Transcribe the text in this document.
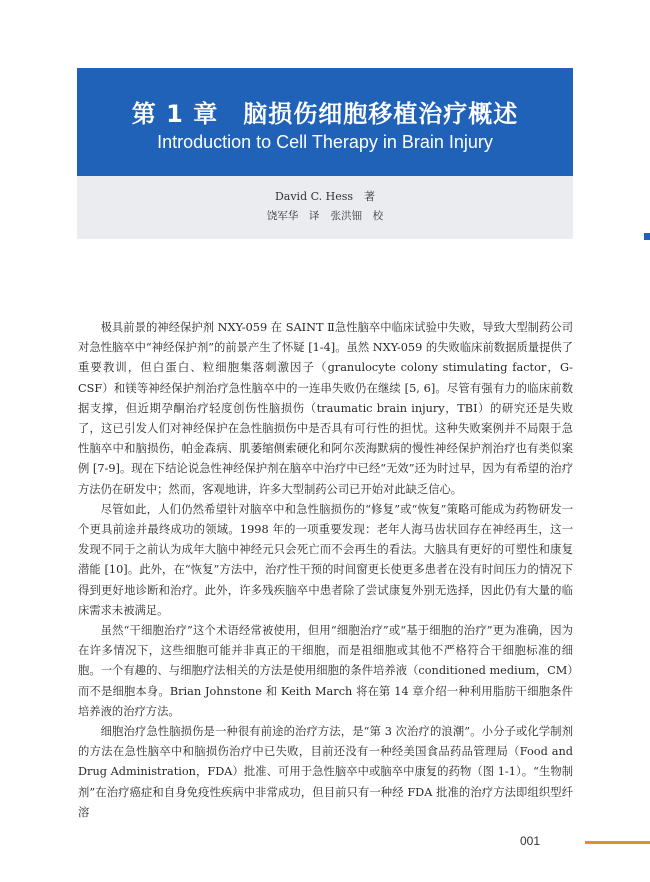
第 1 章　脑损伤细胞移植治疗概述
Introduction to Cell Therapy in Brain Injury
David C. Hess　著
饶军华　译 张洪钿　校

极具前景的神经保护剂 NXY-059 在 SAINT Ⅱ急性脑卒中临床试验中失败，导致大型制药公司对急性脑卒中“神经保护剂”的前景产生了怀疑 [1-4]。虽然 NXY-059 的失败临床前数据质量提供了重要教训，但白蛋白、粒细胞集落刺激因子（granulocyte colony stimulating factor，G-CSF）和镁等神经保护剂治疗急性脑卒中的一连串失败仍在继续 [5, 6]。尽管有强有力的临床前数据支撑，但近期孕酮治疗轻度创伤性脑损伤（traumatic brain injury，TBI）的研究还是失败了，这已引发人们对神经保护在急性脑损伤中是否具有可行性的担忧。这种失败案例并不局限于急性脑卒中和脑损伤，帕金森病、肌萎缩侧索硬化和阿尔茨海默病的慢性神经保护剂治疗也有类似案例 [7-9]。现在下结论说急性神经保护剂在脑卒中治疗中已经“无效”还为时过早，因为有希望的治疗方法仍在研发中；然而，客观地讲，许多大型制药公司已开始对此缺乏信心。

尽管如此，人们仍然希望针对脑卒中和急性脑损伤的“修复”或“恢复”策略可能成为药物研发一个更具前途并最终成功的领域。1998 年的一项重要发现：老年人海马齿状回存在神经再生，这一发现不同于之前认为成年大脑中神经元只会死亡而不会再生的看法。大脑具有更好的可塑性和康复潜能 [10]。此外，在“恢复”方法中，治疗性干预的时间窗更长使更多患者在没有时间压力的情况下得到更好地诊断和治疗。此外，许多残疾脑卒中患者除了尝试康复外别无选择，因此仍有大量的临床需求未被满足。

虽然“干细胞治疗”这个术语经常被使用，但用“细胞治疗”或“基于细胞的治疗”更为准确，因为在许多情况下，这些细胞可能并非真正的干细胞，而是祖细胞或其他不严格符合干细胞标准的细胞。一个有趣的、与细胞疗法相关的方法是使用细胞的条件培养液（conditioned medium，CM）而不是细胞本身。Brian Johnstone 和 Keith March 将在第 14 章介绍一种利用脂肪干细胞条件培养液的治疗方法。

细胞治疗急性脑损伤是一种很有前途的治疗方法，是“第 3 次治疗的浪潮”。小分子或化学制剂的方法在急性脑卒中和脑损伤治疗中已失败，目前还没有一种经美国食品药品管理局（Food and Drug Administration，FDA）批准、可用于急性脑卒中或脑卒中康复的药物（图 1-1）。“生物制剂”在治疗癌症和自身免疫性疾病中非常成功，但目前只有一种经 FDA 批准的治疗方法即组织型纤溶

001
